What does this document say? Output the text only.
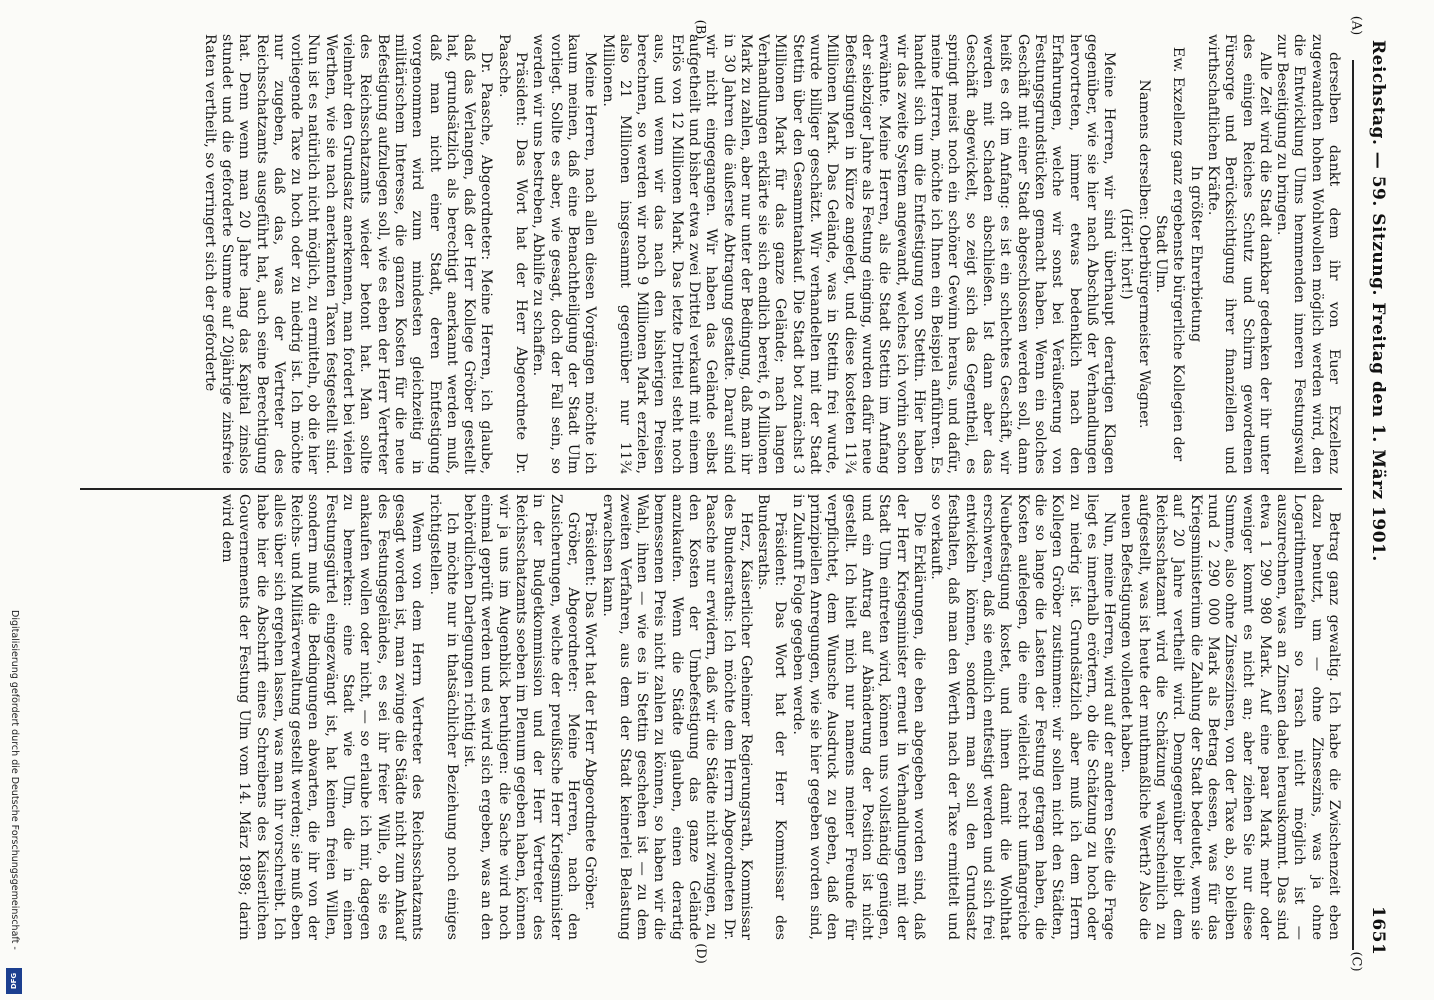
Reichstag. — 59. Sitzung. Freitag den 1. März 1901.
1651
(A)
(C)
(B)
(D)

derselben dankt dem ihr von Euer Exzellenz zugewandten hohen Wohlwollen möglich werden wird, den die Entwicklung Ulms hemmenden inneren Festungswall zur Beseitigung zu bringen.

Alle Zeit wird die Stadt dankbar gedenken der ihr unter des einigen Reiches Schutz und Schirm gewordenen Fürsorge und Berücksichtigung ihrer finanziellen und wirthschaftlichen Kräfte.

In größter Ehrerbietung

Ew. Exzellenz ganz ergebenste bürgerliche Kollegien der Stadt Ulm.

Namens derselben: Oberbürgermeister Wagner.

(Hört! hört!)

Meine Herren, wir sind überhaupt derartigen Klagen gegenüber, wie sie hier nach Abschluß der Verhandlungen hervortreten, immer etwas bedenklich nach den Erfahrungen, welche wir sonst bei Veräußerung von Festungsgrundstücken gemacht haben. Wenn ein solches Geschäft mit einer Stadt abgeschlossen werden soll, dann heißt es oft im Anfang: es ist ein schlechtes Geschäft, wir werden mit Schaden abschließen. Ist dann aber das Geschäft abgewickelt, so zeigt sich das Gegentheil, es springt meist noch ein schöner Gewinn heraus, und dafür, meine Herren, möchte ich Ihnen ein Beispiel anführen. Es handelt sich um die Entfestigung von Stettin. Hier haben wir das zweite System angewandt, welches ich vorhin schon erwähnte. Meine Herren, als die Stadt Stettin im Anfang der siebziger Jahre als Festung einging, wurden dafür neue Befestigungen in Kürze angelegt, und diese kosteten 11¾ Millionen Mark. Das Gelände, was in Stettin frei wurde, wurde billiger geschätzt. Wir verhandelten mit der Stadt Stettin über den Gesammtankauf. Die Stadt bot zunächst 3 Millionen Mark für das ganze Gelände; nach langen Verhandlungen erklärte sie sich endlich bereit, 6 Millionen Mark zu zahlen, aber nur unter der Bedingung, daß man ihr in 30 Jahren die äußerste Abtragung gestatte. Darauf sind wir nicht eingegangen. Wir haben das Gelände selbst aufgetheilt und bisher etwa zwei Drittel verkauft mit einem Erlös von 12 Millionen Mark. Das letzte Drittel steht noch aus, und wenn wir das nach den bisherigen Preisen berechnen, so werden wir noch 9 Millionen Mark erzielen, also 21 Millionen insgesammt gegenüber nur 11¾ Millionen.

Meine Herren, nach allen diesen Vorgängen möchte ich kaum meinen, daß eine Benachtheiligung der Stadt Ulm vorliegt. Sollte es aber, wie gesagt, doch der Fall sein, so werden wir uns bestreben, Abhilfe zu schaffen.

Präsident: Das Wort hat der Herr Abgeordnete Dr. Paasche.

Dr. Paasche, Abgeordneter: Meine Herren, ich glaube, daß das Verlangen, daß der Herr Kollege Gröber gestellt hat, grundsätzlich als berechtigt anerkannt werden muß, daß man nicht einer Stadt, deren Entfestigung vorgenommen wird zum mindesten gleichzeitig in militärischem Interesse, die ganzen Kosten für die neue Befestigung aufzulegen soll, wie es eben der Herr Vertreter des Reichsschatzamts wieder betont hat. Man sollte vielmehr den Grundsatz anerkennen, man fordert bei vielen Werthen, wie sie nach anerkannten Taxen festgestellt sind. Nun ist es natürlich nicht möglich, zu ermitteln, ob die hier vorliegende Taxe zu hoch oder zu niedrig ist. Ich möchte nur zugeben, daß das, was der Vertreter des Reichsschatzamts ausgeführt hat, auch seine Berechtigung hat. Denn wenn man 20 Jahre lang das Kapital zinslos stundet und die geforderte Summe auf 20jährige zinsfreie Raten vertheilt, so verringert sich der geforderte

Betrag ganz gewaltig. Ich habe die Zwischenzeit eben dazu benutzt, um — ohne Zinseszins, was ja ohne Logarithmentafeln so rasch nicht möglich ist — auszurechnen, was an Zinsen dabei herauskommt. Das sind etwa 1 290 980 Mark. Auf eine paar Mark mehr oder weniger kommt es nicht an; aber ziehen Sie nur diese Summe, also ohne Zinseszinsen, von der Taxe ab, so bleiben rund 2 290 000 Mark als Betrag dessen, was für das Kriegsministerium die Zahlung der Stadt bedeutet, wenn sie auf 20 Jahre vertheilt wird. Demgegenüber bleibt dem Reichsschatzamt wird die Schätzung wahrscheinlich zu aufgestellt, was ist heute der muthmaßliche Werth? Also die neuen Befestigungen vollendet haben.

Nun, meine Herren, wird auf der anderen Seite die Frage liegt es innerhalb erörtern, ob die Schätzung zu hoch oder zu niedrig ist. Grundsätzlich aber muß ich dem Herrn Kollegen Gröber zustimmen: wir sollen nicht den Städten, die so lange die Lasten der Festung getragen haben, die Kosten aufelegen, die eine vielleicht recht umfangreiche Neubefestigung kostet, und ihnen damit die Wohlthat erschweren, daß sie endlich entfestigt werden und sich frei entwickeln können, sondern man soll den Grundsatz festhalten, daß man den Werth nach der Taxe ermittelt und so verkauft.

Die Erklärungen, die eben abgegeben worden sind, daß der Herr Kriegsminister erneut in Verhandlungen mit der Stadt Ulm eintreten wird, können uns vollständig genügen, und ein Antrag auf Abänderung der Position ist nicht gestellt. Ich hielt mich nur namens meiner Freunde für verpflichtet, dem Wunsche Ausdruck zu geben, daß den prinzipiellen Anregungen, wie sie hier gegeben worden sind, in Zukunft Folge gegeben werde.

Präsident: Das Wort hat der Herr Kommissar des Bundesraths.

Herz, Kaiserlicher Geheimer Regierungsrath, Kommissar des Bundesraths: Ich möchte dem Herrn Abgeordneten Dr. Paasche nur erwidern, daß wir die Städte nicht zwingen, zu den Kosten der Umbefestigung das ganze Gelände anzukaufen. Wenn die Städte glauben, einen derartig bemessenen Preis nicht zahlen zu können, so haben wir die Wahl, ihnen — wie es in Stettin geschehen ist — zu dem zweiten Verfahren, aus dem der Stadt keinerlei Belastung erwachsen kann.

Präsident: Das Wort hat der Herr Abgeordnete Gröber.

Gröber, Abgeordneter: Meine Herren, nach den Zusicherungen, welche der preußische Herr Kriegsminister in der Budgetkommission und der Herr Vertreter des Reichsschatzamts soeben im Plenum gegeben haben, können wir ja uns im Augenblick beruhigen: die Sache wird noch einmal geprüft werden und es wird sich ergeben, was an den behördlichen Darlegungen richtig ist.

Ich möchte nur in thatsächlicher Beziehung noch einiges richtigstellen.

Wenn von dem Herrn Vertreter des Reichsschatzamts gesagt worden ist, man zwinge die Städte nicht zum Ankauf des Festungsgeländes, es sei ihr freier Wille, ob sie es ankaufen wollen oder nicht, — so erlaube ich mir, dagegen zu bemerken: eine Stadt wie Ulm, die in einen Festungsgürtel eingezwängt ist, hat keinen freien Willen, sondern muß die Bedingungen abwarten, die ihr von der Reichs- und Militärverwaltung gestellt werden; sie muß eben alles über sich ergehen lassen, was man ihr vorschreibt. Ich habe hier die Abschrift eines Schreibens des Kaiserlichen Gouvernements der Festung Ulm vom 14. März 1898; darin wird dem

Digitalisierung gefördert durch die Deutsche Forschungsgemeinschaft -
DFG
